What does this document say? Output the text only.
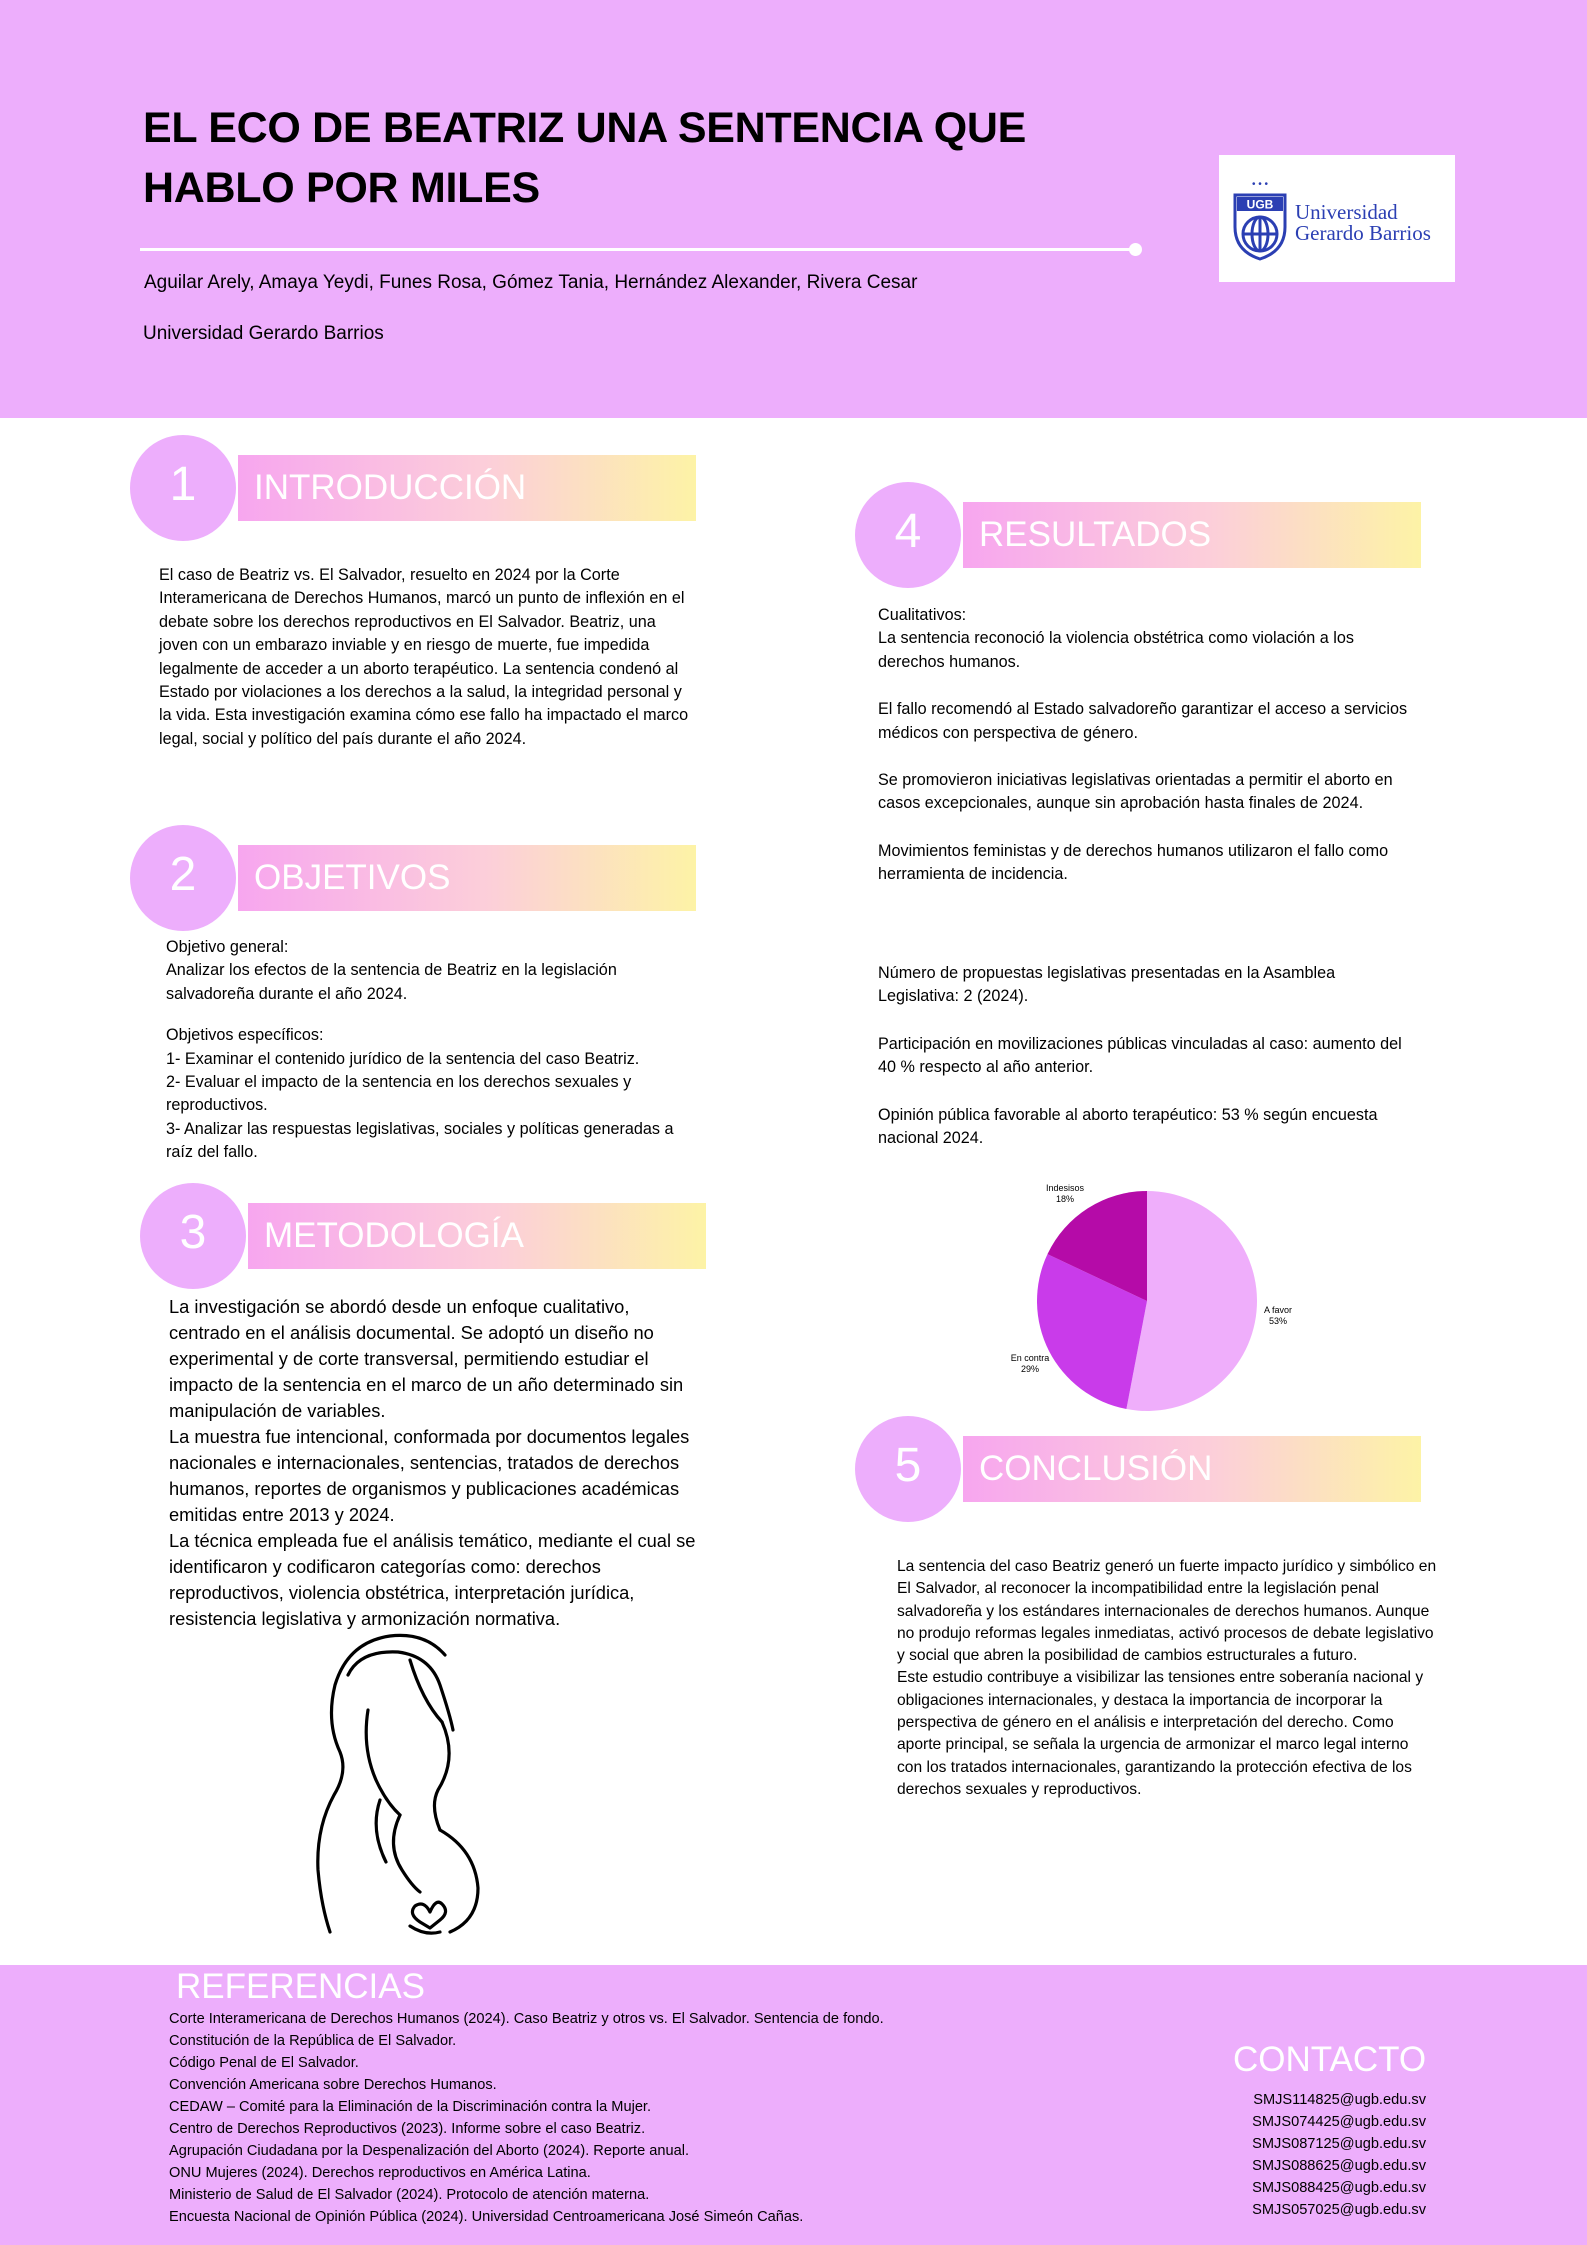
EL ECO DE BEATRIZ UNA SENTENCIA QUE HABLO POR MILES
Aguilar Arely, Amaya Yeydi, Funes Rosa, Gómez Tania, Hernández Alexander, Rivera Cesar
Universidad Gerardo Barrios
UGB
• • •
Universidad
Gerardo Barrios
INTRODUCCIÓN
1
El caso de Beatriz vs. El Salvador, resuelto en 2024 por la Corte Interamericana de Derechos Humanos, marcó un punto de inflexión en el debate sobre los derechos reproductivos en El Salvador. Beatriz, una joven con un embarazo inviable y en riesgo de muerte, fue impedida legalmente de acceder a un aborto terapéutico. La sentencia condenó al Estado por violaciones a los derechos a la salud, la integridad personal y la vida. Esta investigación examina cómo ese fallo ha impactado el marco legal, social y político del país durante el año 2024.
OBJETIVOS
2
Objetivo general:
Analizar los efectos de la sentencia de Beatriz en la legislación salvadoreña durante el año 2024.
Objetivos específicos:
1- Examinar el contenido jurídico de la sentencia del caso Beatriz.
2- Evaluar el impacto de la sentencia en los derechos sexuales y reproductivos.
3- Analizar las respuestas legislativas, sociales y políticas generadas a raíz del fallo.
METODOLOGÍA
3
La investigación se abordó desde un enfoque cualitativo, centrado en el análisis documental. Se adoptó un diseño no experimental y de corte transversal, permitiendo estudiar el impacto de la sentencia en el marco de un año determinado sin manipulación de variables.
La muestra fue intencional, conformada por documentos legales nacionales e internacionales, sentencias, tratados de derechos humanos, reportes de organismos y publicaciones académicas emitidas entre 2013 y 2024.
La técnica empleada fue el análisis temático, mediante el cual se identificaron y codificaron categorías como: derechos reproductivos, violencia obstétrica, interpretación jurídica, resistencia legislativa y armonización normativa.
RESULTADOS
4
Cualitativos:
La sentencia reconoció la violencia obstétrica como violación a los derechos humanos.
El fallo recomendó al Estado salvadoreño garantizar el acceso a servicios médicos con perspectiva de género.
Se promovieron iniciativas legislativas orientadas a permitir el aborto en casos excepcionales, aunque sin aprobación hasta finales de 2024.
Movimientos feministas y de derechos humanos utilizaron el fallo como herramienta de incidencia.
Número de propuestas legislativas presentadas en la Asamblea Legislativa: 2 (2024).
Participación en movilizaciones públicas vinculadas al caso: aumento del 40 % respecto al año anterior.
Opinión pública favorable al aborto terapéutico: 53 % según encuesta nacional 2024.
A favor
53%
En contra
29%
Indesisos
18%
CONCLUSIÓN
5
La sentencia del caso Beatriz generó un fuerte impacto jurídico y simbólico en El Salvador, al reconocer la incompatibilidad entre la legislación penal salvadoreña y los estándares internacionales de derechos humanos. Aunque no produjo reformas legales inmediatas, activó procesos de debate legislativo y social que abren la posibilidad de cambios estructurales a futuro.
Este estudio contribuye a visibilizar las tensiones entre soberanía nacional y obligaciones internacionales, y destaca la importancia de incorporar la perspectiva de género en el análisis e interpretación del derecho. Como aporte principal, se señala la urgencia de armonizar el marco legal interno con los tratados internacionales, garantizando la protección efectiva de los derechos sexuales y reproductivos.
REFERENCIAS
Corte Interamericana de Derechos Humanos (2024). Caso Beatriz y otros vs. El Salvador. Sentencia de fondo.
Constitución de la República de El Salvador.
Código Penal de El Salvador.
Convención Americana sobre Derechos Humanos.
CEDAW – Comité para la Eliminación de la Discriminación contra la Mujer.
Centro de Derechos Reproductivos (2023). Informe sobre el caso Beatriz.
Agrupación Ciudadana por la Despenalización del Aborto (2024). Reporte anual.
ONU Mujeres (2024). Derechos reproductivos en América Latina.
Ministerio de Salud de El Salvador (2024). Protocolo de atención materna.
Encuesta Nacional de Opinión Pública (2024). Universidad Centroamericana José Simeón Cañas.
CONTACTO
SMJS114825@ugb.edu.sv
SMJS074425@ugb.edu.sv
SMJS087125@ugb.edu.sv
SMJS088625@ugb.edu.sv
SMJS088425@ugb.edu.sv
SMJS057025@ugb.edu.sv
